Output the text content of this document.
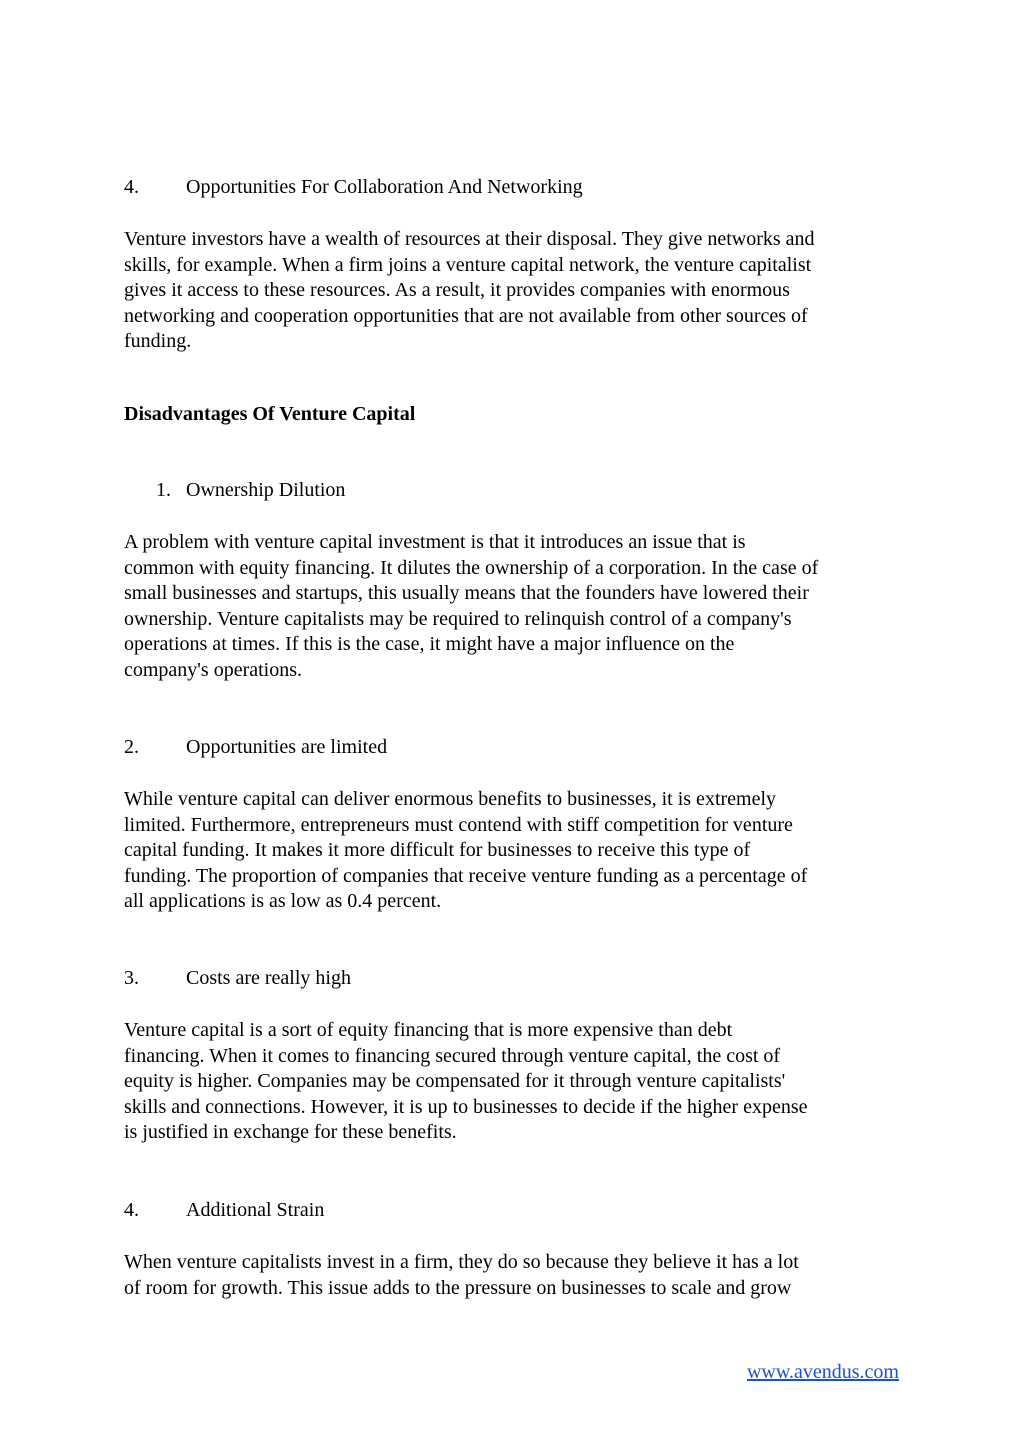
4.	Opportunities For Collaboration And Networking
Venture investors have a wealth of resources at their disposal. They give networks and
skills, for example. When a firm joins a venture capital network, the venture capitalist
gives it access to these resources. As a result, it provides companies with enormous
networking and cooperation opportunities that are not available from other sources of
funding.
Disadvantages Of Venture Capital
1. Ownership Dilution
A problem with venture capital investment is that it introduces an issue that is
common with equity financing. It dilutes the ownership of a corporation. In the case of
small businesses and startups, this usually means that the founders have lowered their
ownership. Venture capitalists may be required to relinquish control of a company's
operations at times. If this is the case, it might have a major influence on the
company's operations.
2.	Opportunities are limited
While venture capital can deliver enormous benefits to businesses, it is extremely
limited. Furthermore, entrepreneurs must contend with stiff competition for venture
capital funding. It makes it more difficult for businesses to receive this type of
funding. The proportion of companies that receive venture funding as a percentage of
all applications is as low as 0.4 percent.
3.	Costs are really high
Venture capital is a sort of equity financing that is more expensive than debt
financing. When it comes to financing secured through venture capital, the cost of
equity is higher. Companies may be compensated for it through venture capitalists'
skills and connections. However, it is up to businesses to decide if the higher expense
is justified in exchange for these benefits.
4.	Additional Strain
When venture capitalists invest in a firm, they do so because they believe it has a lot
of room for growth. This issue adds to the pressure on businesses to scale and grow
www.avendus.com
